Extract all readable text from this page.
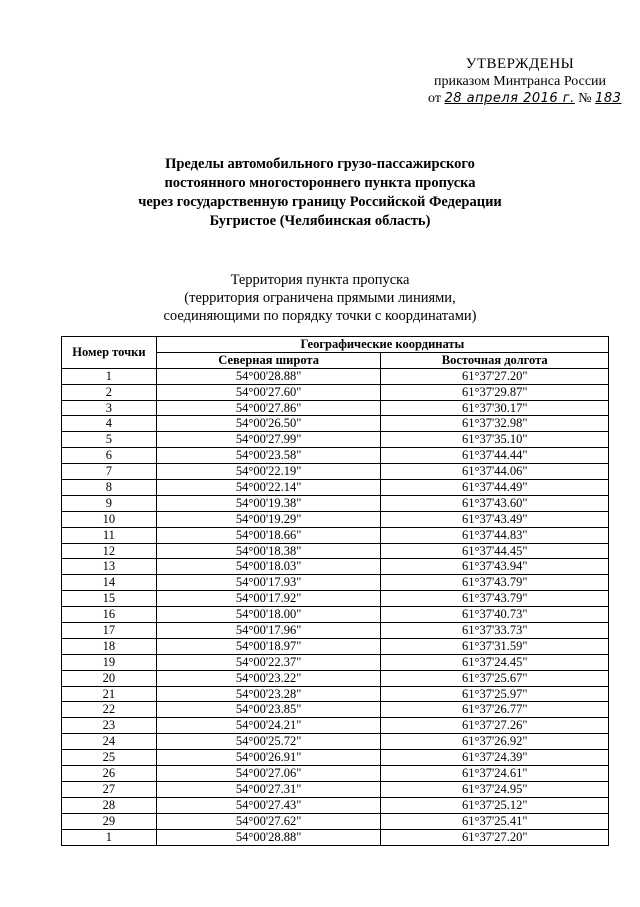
УТВЕРЖДЕНЫ
приказом Минтранса России
от 28 апреля 2016 г. № 183
Пределы автомобильного грузо-пассажирского
постоянного многостороннего пункта пропуска
через государственную границу Российской Федерации
Бугристое (Челябинская область)
Территория пункта пропуска
(территория ограничена прямыми линиями,
соединяющими по порядку точки с координатами)
Номер точки	Географические координаты	
	Северная широта	Восточная долгота
1	54°00'28.88"	61°37'27.20"
2	54°00'27.60"	61°37'29.87"
3	54°00'27.86"	61°37'30.17"
4	54°00'26.50"	61°37'32.98"
5	54°00'27.99"	61°37'35.10"
6	54°00'23.58"	61°37'44.44"
7	54°00'22.19"	61°37'44.06"
8	54°00'22.14"	61°37'44.49"
9	54°00'19.38"	61°37'43.60"
10	54°00'19.29"	61°37'43.49"
11	54°00'18.66"	61°37'44.83"
12	54°00'18.38"	61°37'44.45"
13	54°00'18.03"	61°37'43.94"
14	54°00'17.93"	61°37'43.79"
15	54°00'17.92"	61°37'43.79"
16	54°00'18.00"	61°37'40.73"
17	54°00'17.96"	61°37'33.73"
18	54°00'18.97"	61°37'31.59"
19	54°00'22.37"	61°37'24.45"
20	54°00'23.22"	61°37'25.67"
21	54°00'23.28"	61°37'25.97"
22	54°00'23.85"	61°37'26.77"
23	54°00'24.21"	61°37'27.26"
24	54°00'25.72"	61°37'26.92"
25	54°00'26.91"	61°37'24.39"
26	54°00'27.06"	61°37'24.61"
27	54°00'27.31"	61°37'24.95"
28	54°00'27.43"	61°37'25.12"
29	54°00'27.62"	61°37'25.41"
1	54°00'28.88"	61°37'27.20"
